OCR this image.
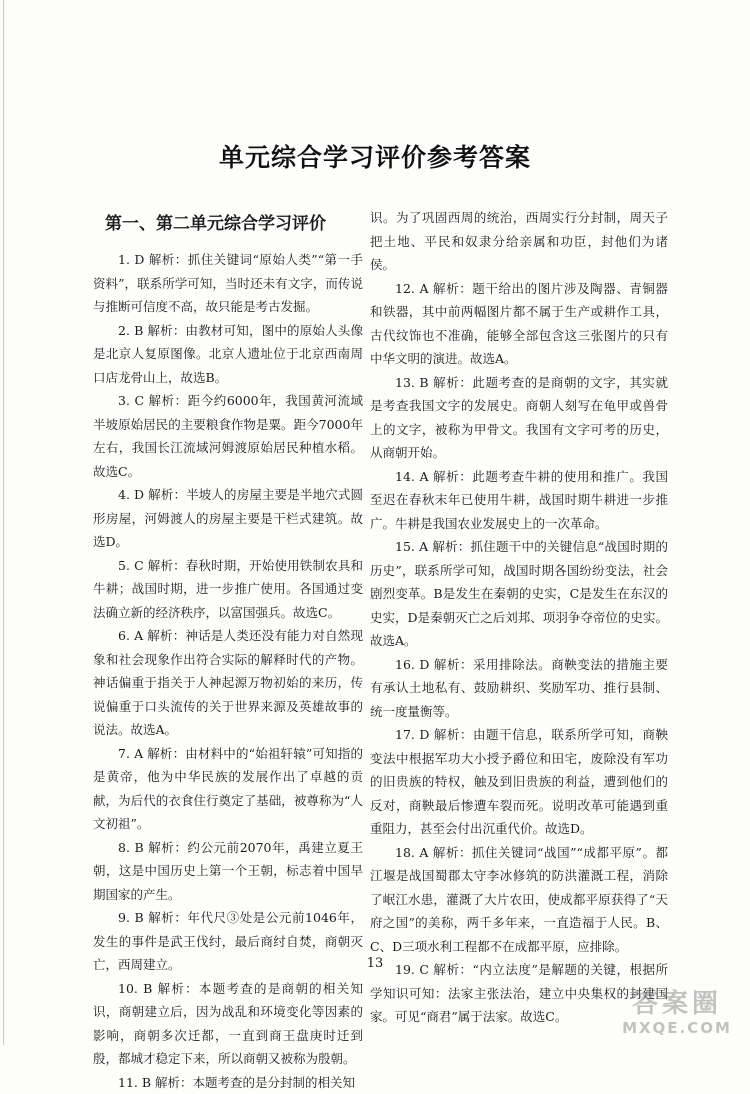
单元综合学习评价参考答案
第一、第二单元综合学习评价

1. D 解析：抓住关键词“原始人类”“第一手资料”，联系所学可知，当时还未有文字，而传说与推断可信度不高，故只能是考古发掘。

2. B 解析：由教材可知，图中的原始人头像是北京人复原图像。北京人遗址位于北京西南周口店龙骨山上，故选B。

3. C 解析：距今约6000年，我国黄河流域半坡原始居民的主要粮食作物是粟。距今7000年左右，我国长江流域河姆渡原始居民种植水稻。故选C。

4. D 解析：半坡人的房屋主要是半地穴式圆形房屋，河姆渡人的房屋主要是干栏式建筑。故选D。

5. C 解析：春秋时期，开始使用铁制农具和牛耕；战国时期，进一步推广使用。各国通过变法确立新的经济秩序，以富国强兵。故选C。

6. A 解析：神话是人类还没有能力对自然现象和社会现象作出符合实际的解释时代的产物。神话偏重于指关于人神起源万物初始的来历，传说偏重于口头流传的关于世界来源及英雄故事的说法。故选A。

7. A 解析：由材料中的“始祖轩辕”可知指的是黄帝，他为中华民族的发展作出了卓越的贡献，为后代的衣食住行奠定了基础，被尊称为“人文初祖”。

8. B 解析：约公元前2070年，禹建立夏王朝，这是中国历史上第一个王朝，标志着中国早期国家的产生。

9. B 解析：年代尺③处是公元前1046年，发生的事件是武王伐纣，最后商纣自焚，商朝灭亡，西周建立。

10. B 解析：本题考查的是商朝的相关知识，商朝建立后，因为战乱和环境变化等因素的影响，商朝多次迁都，一直到商王盘庚时迁到殷，都城才稳定下来，所以商朝又被称为殷朝。

11. B 解析：本题考查的是分封制的相关知

识。为了巩固西周的统治，西周实行分封制，周天子把土地、平民和奴隶分给亲属和功臣，封他们为诸侯。

12. A 解析：题干给出的图片涉及陶器、青铜器和铁器，其中前两幅图片都不属于生产或耕作工具，古代纹饰也不准确，能够全部包含这三张图片的只有中华文明的演进。故选A。

13. B 解析：此题考查的是商朝的文字，其实就是考查我国文字的发展史。商朝人刻写在龟甲或兽骨上的文字，被称为甲骨文。我国有文字可考的历史，从商朝开始。

14. A 解析：此题考查牛耕的使用和推广。我国至迟在春秋末年已使用牛耕，战国时期牛耕进一步推广。牛耕是我国农业发展史上的一次革命。

15. A 解析：抓住题干中的关键信息“战国时期的历史”，联系所学可知，战国时期各国纷纷变法，社会剧烈变革。B是发生在秦朝的史实，C是发生在东汉的史实，D是秦朝灭亡之后刘邦、项羽争夺帝位的史实。故选A。

16. D 解析：采用排除法。商鞅变法的措施主要有承认土地私有、鼓励耕织、奖励军功、推行县制、统一度量衡等。

17. D 解析：由题干信息，联系所学可知，商鞅变法中根据军功大小授予爵位和田宅，废除没有军功的旧贵族的特权，触及到旧贵族的利益，遭到他们的反对，商鞅最后惨遭车裂而死。说明改革可能遇到重重阻力，甚至会付出沉重代价。故选D。

18. A 解析：抓住关键词“战国”“成都平原”。都江堰是战国蜀郡太守李冰修筑的防洪灌溉工程，消除了岷江水患，灌溉了大片农田，使成都平原获得了“天府之国”的美称，两千多年来，一直造福于人民。B、C、D三项水利工程都不在成都平原，应排除。

19. C 解析：“内立法度”是解题的关键，根据所学知识可知：法家主张法治，建立中央集权的封建国家。可见“商君”属于法家。故选C。

13
答案圈
MXQE.COM
